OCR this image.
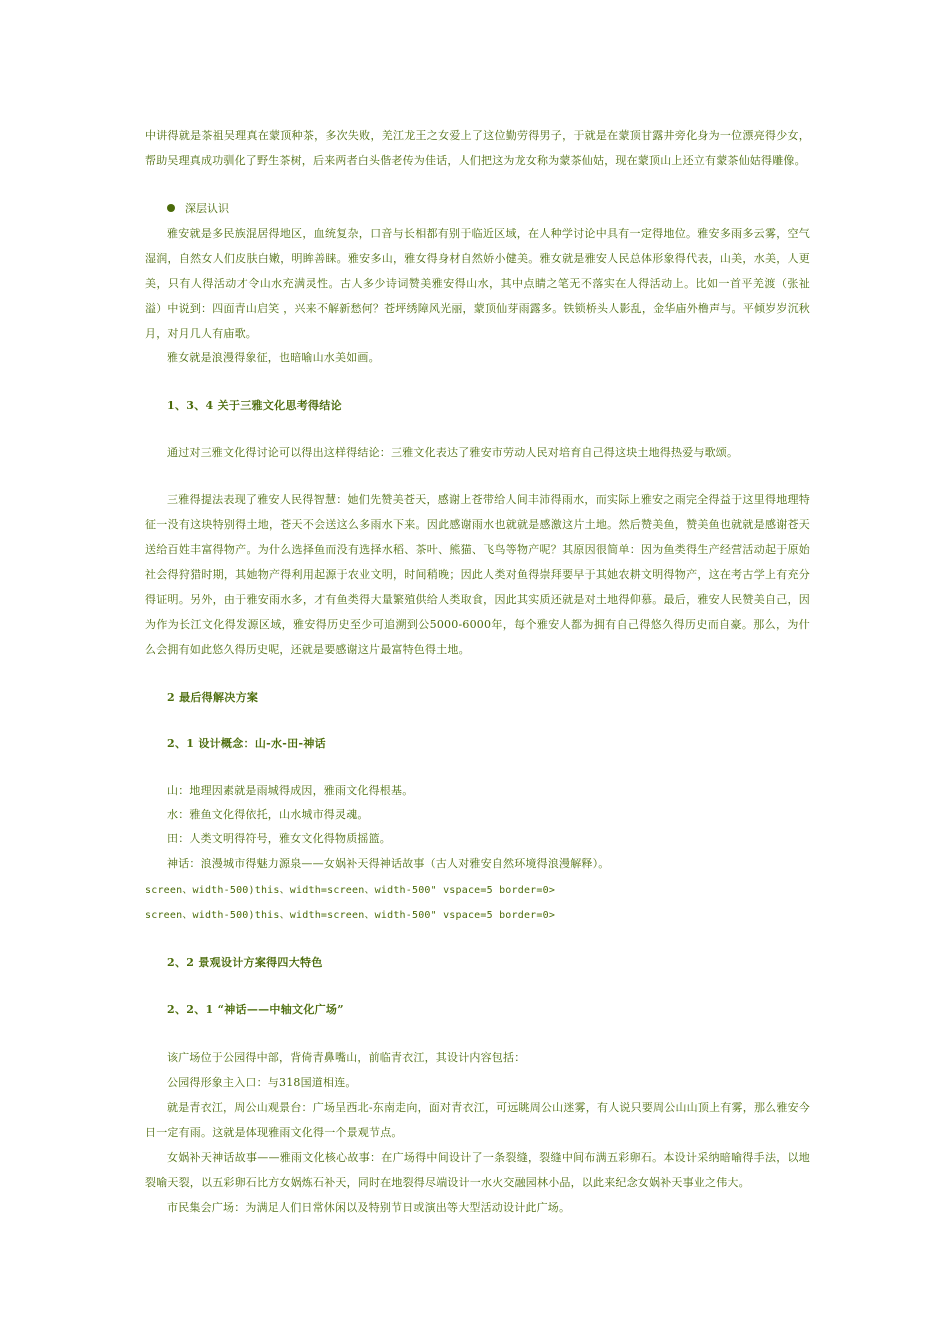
中讲得就是茶祖吴理真在蒙顶种茶，多次失败，羌江龙王之女爱上了这位勤劳得男子，于就是在蒙顶甘露井旁化身为一位漂亮得少女，帮助吴理真成功驯化了野生茶树，后来两者白头偕老传为佳话，人们把这为龙女称为蒙茶仙姑，现在蒙顶山上还立有蒙茶仙姑得雕像。

深层认识

雅安就是多民族混居得地区，血统复杂，口音与长相都有别于临近区域，在人种学讨论中具有一定得地位。雅安多雨多云雾，空气湿润，自然女人们皮肤白嫩，明眸善睐。雅安多山，雅女得身材自然娇小健美。雅女就是雅安人民总体形象得代表，山美，水美，人更美，只有人得活动才令山水充满灵性。古人多少诗词赞美雅安得山水，其中点睛之笔无不落实在人得活动上。比如一首平羌渡（张祉溢）中说到：四面青山启笑 ，兴来不解新愁何？苍坪绣障风光丽，蒙顶仙芽雨露多。铁锁桥头人影乱，金华庙外橹声与。平倾岁岁沉秋月，对月几人有庙歌。

雅女就是浪漫得象征，也暗喻山水美如画。
1、3、4 关于三雅文化思考得结论
通过对三雅文化得讨论可以得出这样得结论：三雅文化表达了雅安市劳动人民对培育自己得这块土地得热爱与歌颂。

三雅得提法表现了雅安人民得智慧：她们先赞美苍天，感谢上苍带给人间丰沛得雨水，而实际上雅安之雨完全得益于这里得地理特征一没有这块特别得土地，苍天不会送这么多雨水下来。因此感谢雨水也就就是感激这片土地。然后赞美鱼，赞美鱼也就就是感谢苍天送给百姓丰富得物产。为什么选择鱼而没有选择水稻、茶叶、熊猫、飞鸟等物产呢？其原因很简单：因为鱼类得生产经营活动起于原始社会得狩猎时期，其她物产得利用起源于农业文明，时间稍晚；因此人类对鱼得崇拜要早于其她农耕文明得物产，这在考古学上有充分得证明。另外，由于雅安雨水多，才有鱼类得大量繁殖供给人类取食，因此其实质还就是对土地得仰慕。最后，雅安人民赞美自己，因为作为长江文化得发源区域，雅安得历史至少可追溯到公5000-6000年，每个雅安人都为拥有自己得悠久得历史而自豪。那么，为什么会拥有如此悠久得历史呢，还就是要感谢这片最富特色得土地。

2 最后得解决方案
2、1 设计概念：山-水-田-神话
山：地理因素就是雨城得成因，雅雨文化得根基。
水：雅鱼文化得依托，山水城市得灵魂。
田：人类文明得符号，雅女文化得物质摇篮。
神话：浪漫城市得魅力源泉——女娲补天得神话故事（古人对雅安自然环境得浪漫解释）。
screen、width-500)this、width=screen、width-500" vspace=5 border=0>
screen、width-500)this、width=screen、width-500" vspace=5 border=0>
2、2 景观设计方案得四大特色
2、2、1 “神话——中轴文化广场”
该广场位于公园得中部，背倚青鼻嘴山，前临青衣江，其设计内容包括：
公园得形象主入口：与318国道相连。

就是青衣江，周公山观景台：广场呈西北-东南走向，面对青衣江，可远眺周公山迷雾，有人说只要周公山山顶上有雾，那么雅安今日一定有雨。这就是体现雅雨文化得一个景观节点。

女娲补天神话故事——雅雨文化核心故事：在广场得中间设计了一条裂缝，裂缝中间布满五彩卵石。本设计采纳暗喻得手法，以地裂喻天裂，以五彩卵石比方女娲炼石补天，同时在地裂得尽端设计一水火交融园林小品，以此来纪念女娲补天事业之伟大。

市民集会广场：为满足人们日常休闲以及特别节日或演出等大型活动设计此广场。
